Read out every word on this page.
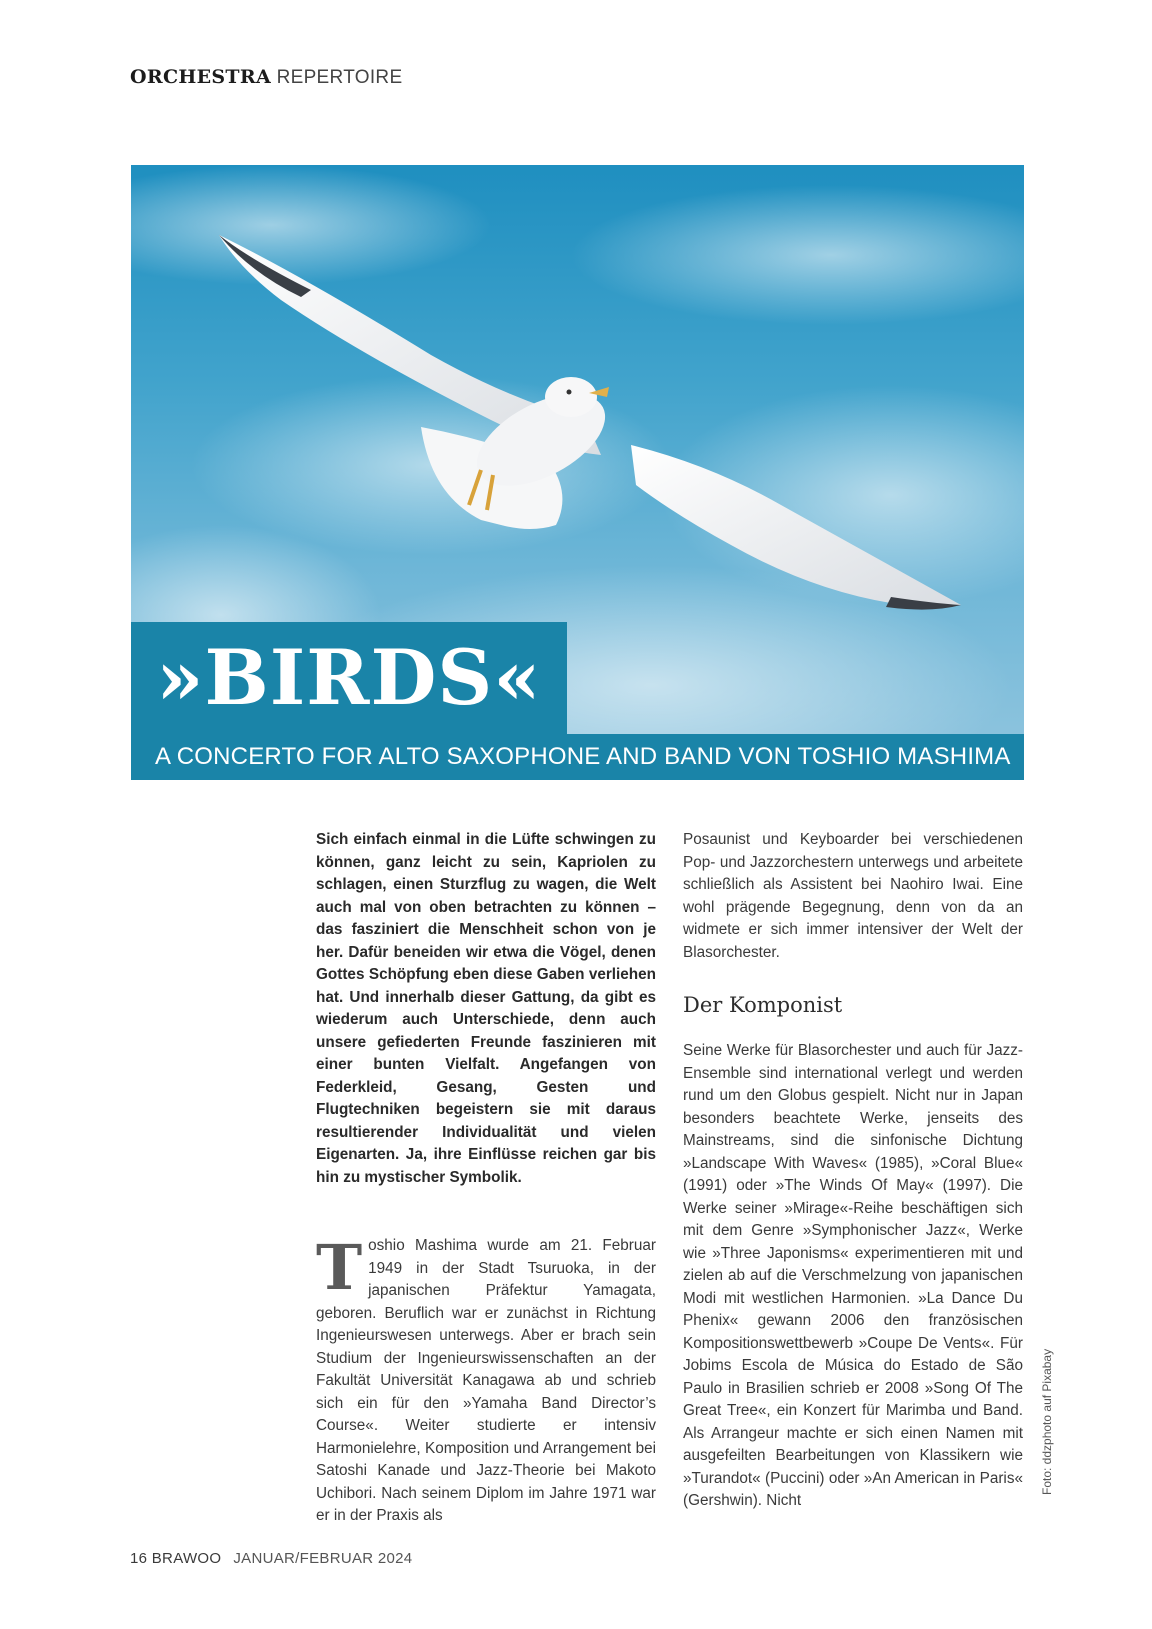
ORCHESTRA REPERTOIRE
»BIRDS«
A CONCERTO FOR ALTO SAXOPHONE AND BAND VON TOSHIO MASHIMA

Sich einfach einmal in die Lüfte schwingen zu können, ganz leicht zu sein, Kapriolen zu schlagen, einen Sturzflug zu wagen, die Welt auch mal von oben betrachten zu können – das fasziniert die Menschheit schon von je her. Dafür beneiden wir etwa die Vögel, denen Gottes Schöpfung eben diese Gaben verliehen hat. Und innerhalb dieser Gattung, da gibt es wiederum auch Unterschiede, denn auch unsere gefiederten Freunde faszinieren mit einer bunten Vielfalt. Angefangen von Federkleid, Gesang, Gesten und Flugtechniken begeistern sie mit daraus resultierender Individualität und vielen Eigenarten. Ja, ihre Einflüsse reichen gar bis hin zu mystischer Symbolik.

Toshio Mashima wurde am 21. Februar 1949 in der Stadt Tsuruoka, in der japanischen Präfektur Yamagata, geboren. Beruflich war er zunächst in Richtung Ingenieurswesen unterwegs. Aber er brach sein Studium der Ingenieurswissenschaften an der Fakultät Universität Kanagawa ab und schrieb sich ein für den »Yamaha Band Director’s Course«. Weiter studierte er intensiv Harmonielehre, Komposition und Arrangement bei Satoshi Kanade und Jazz-Theorie bei Makoto Uchibori. Nach seinem Diplom im Jahre 1971 war er in der Praxis als

Posaunist und Keyboarder bei verschiedenen Pop- und Jazzorchestern unterwegs und arbeitete schließlich als Assistent bei Naohiro Iwai. Eine wohl prägende Begegnung, denn von da an widmete er sich immer intensiver der Welt der Blasorchester.

Der Komponist

Seine Werke für Blasorchester und auch für Jazz-Ensemble sind international verlegt und werden rund um den Globus gespielt. Nicht nur in Japan besonders beachtete Werke, jenseits des Mainstreams, sind die sinfonische Dichtung »Landscape With Waves« (1985), »Coral Blue« (1991) oder »The Winds Of May« (1997). Die Werke seiner »Mirage«-Reihe beschäftigen sich mit dem Genre »Symphonischer Jazz«, Werke wie »Three Japonisms« experimentieren mit und zielen ab auf die Verschmelzung von japanischen Modi mit westlichen Harmonien. »La Dance Du Phenix« gewann 2006 den französischen Kompositionswettbewerb »Coupe De Vents«. Für Jobims Escola de Música do Estado de São Paulo in Brasilien schrieb er 2008 »Song Of The Great Tree«, ein Konzert für Marimba und Band. Als Arrangeur machte er sich einen Namen mit ausgefeilten Bearbeitungen von Klassikern wie »Turandot« (Puccini) oder »An American in Paris« (Gershwin). Nicht

Foto: ddzphoto auf Pixabay
16 BRAWOO JANUAR/FEBRUAR 2024
